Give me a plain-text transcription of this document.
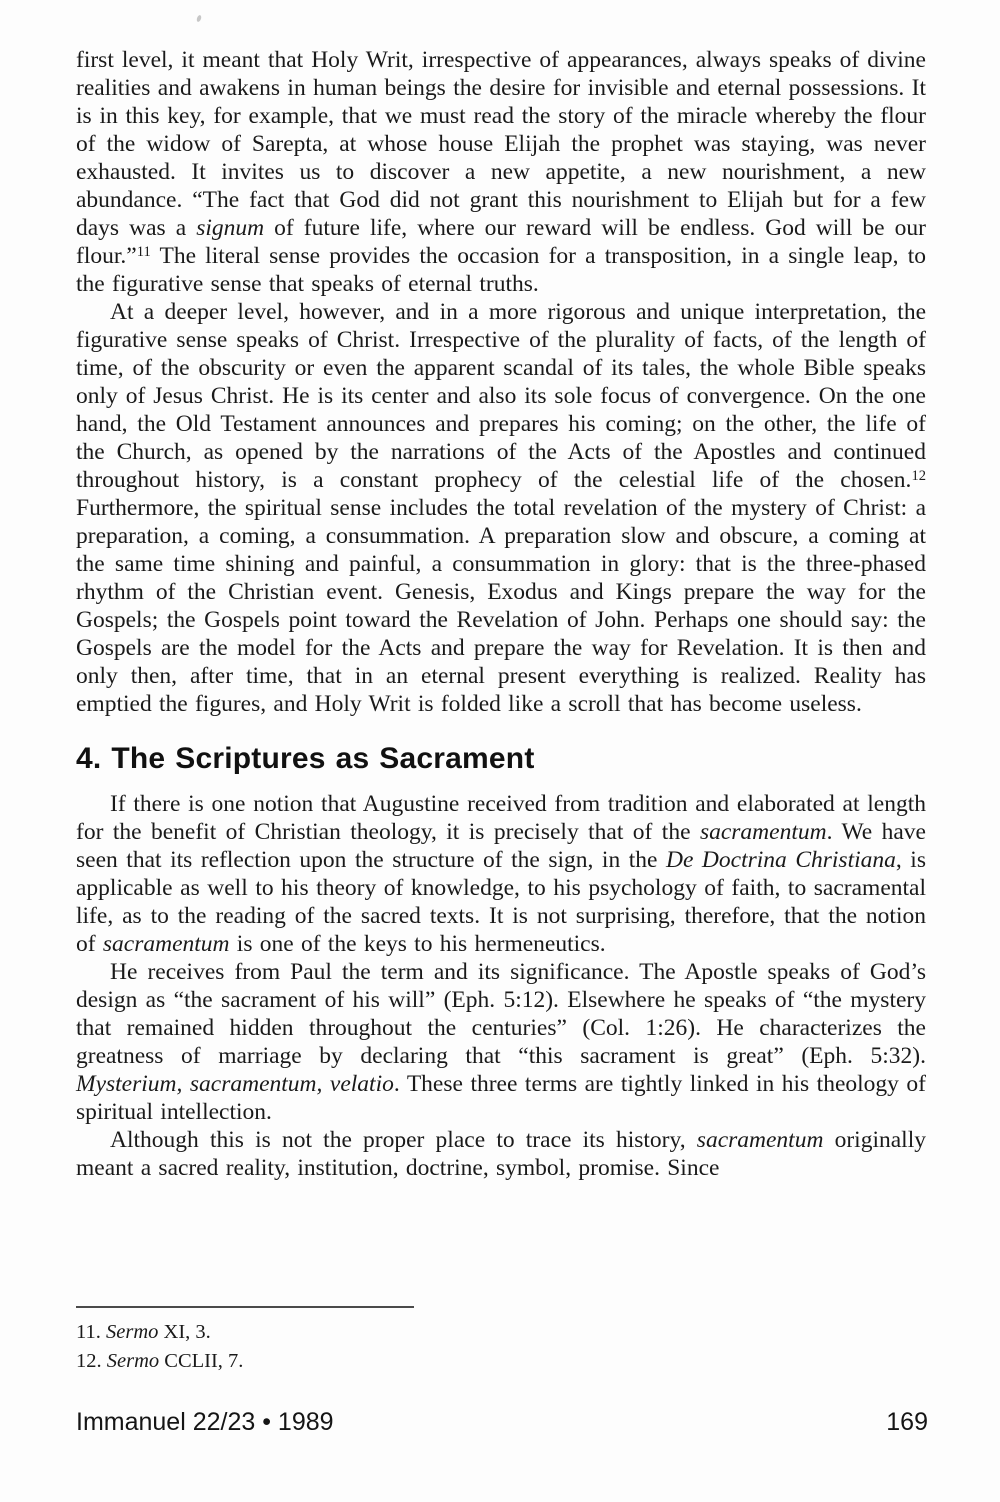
first level, it meant that Holy Writ, irrespective of appearances, always speaks of divine realities and awakens in human beings the desire for invisible and eternal possessions. It is in this key, for example, that we must read the story of the miracle whereby the flour of the widow of Sarepta, at whose house Elijah the prophet was staying, was never exhausted. It invites us to discover a new appetite, a new nourishment, a new abundance. “The fact that God did not grant this nourishment to Elijah but for a few days was a signum of future life, where our reward will be endless. God will be our flour.”$^{11}$ The literal sense provides the occasion for a transposition, in a single leap, to the figurative sense that speaks of eternal truths.

At a deeper level, however, and in a more rigorous and unique interpretation, the figurative sense speaks of Christ. Irrespective of the plurality of facts, of the length of time, of the obscurity or even the apparent scandal of its tales, the whole Bible speaks only of Jesus Christ. He is its center and also its sole focus of convergence. On the one hand, the Old Testament announces and prepares his coming; on the other, the life of the Church, as opened by the narrations of the Acts of the Apostles and continued throughout history, is a constant prophecy of the celestial life of the chosen.$^{12}$ Furthermore, the spiritual sense includes the total revelation of the mystery of Christ: a preparation, a coming, a consummation. A preparation slow and obscure, a coming at the same time shining and painful, a consummation in glory: that is the three-phased rhythm of the Christian event. Genesis, Exodus and Kings prepare the way for the Gospels; the Gospels point toward the Revelation of John. Perhaps one should say: the Gospels are the model for the Acts and prepare the way for Revelation. It is then and only then, after time, that in an eternal present everything is realized. Reality has emptied the figures, and Holy Writ is folded like a scroll that has become useless.

4. The Scriptures as Sacrament

If there is one notion that Augustine received from tradition and elaborated at length for the benefit of Christian theology, it is precisely that of the sacramentum. We have seen that its reflection upon the structure of the sign, in the De Doctrina Christiana, is applicable as well to his theory of knowledge, to his psychology of faith, to sacramental life, as to the reading of the sacred texts. It is not surprising, therefore, that the notion of sacramentum is one of the keys to his hermeneutics.

He receives from Paul the term and its significance. The Apostle speaks of God’s design as “the sacrament of his will” (Eph. 5:12). Elsewhere he speaks of “the mystery that remained hidden throughout the centuries” (Col. 1:26). He characterizes the greatness of marriage by declaring that “this sacrament is great” (Eph. 5:32). Mysterium, sacramentum, velatio. These three terms are tightly linked in his theology of spiritual intellection.

Although this is not the proper place to trace its history, sacramentum originally meant a sacred reality, institution, doctrine, symbol, promise. Since

11. Sermo XI, 3.

12. Sermo CCLII, 7.

Immanuel 22/23 • 1989	169
